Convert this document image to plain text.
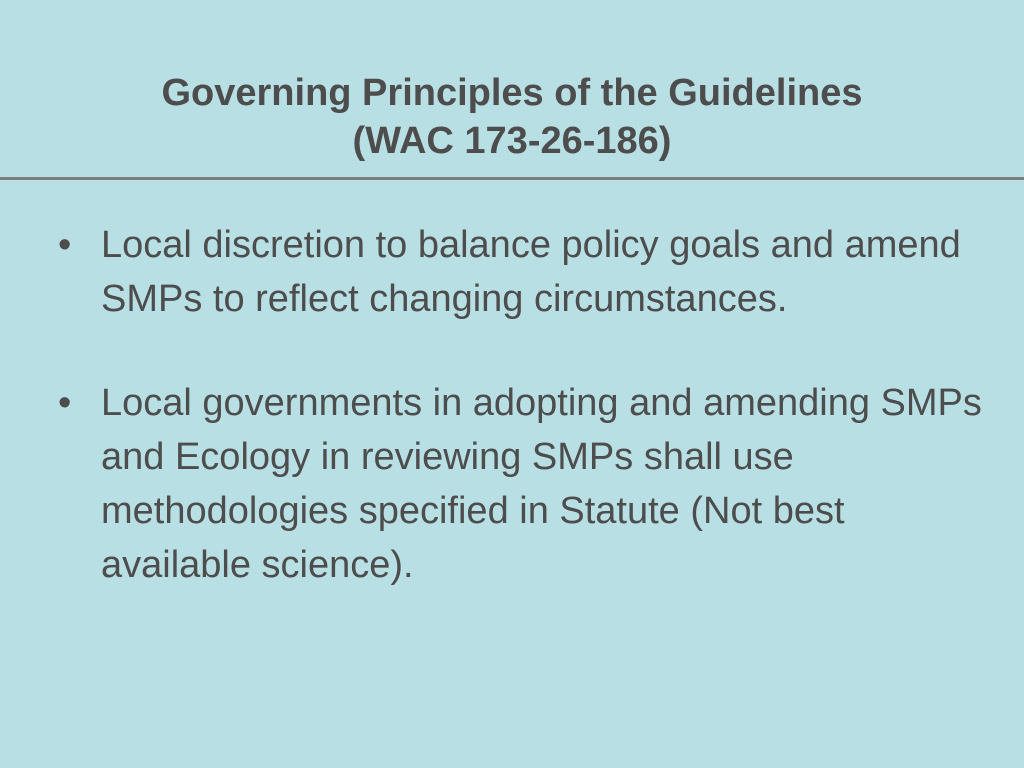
Governing Principles of the Guidelines
(WAC 173-26-186)
• Local discretion to balance policy goals and amend SMPs to reflect changing circumstances.
• Local governments in adopting and amending SMPs and Ecology in reviewing SMPs shall use methodologies specified in Statute (Not best available science).
